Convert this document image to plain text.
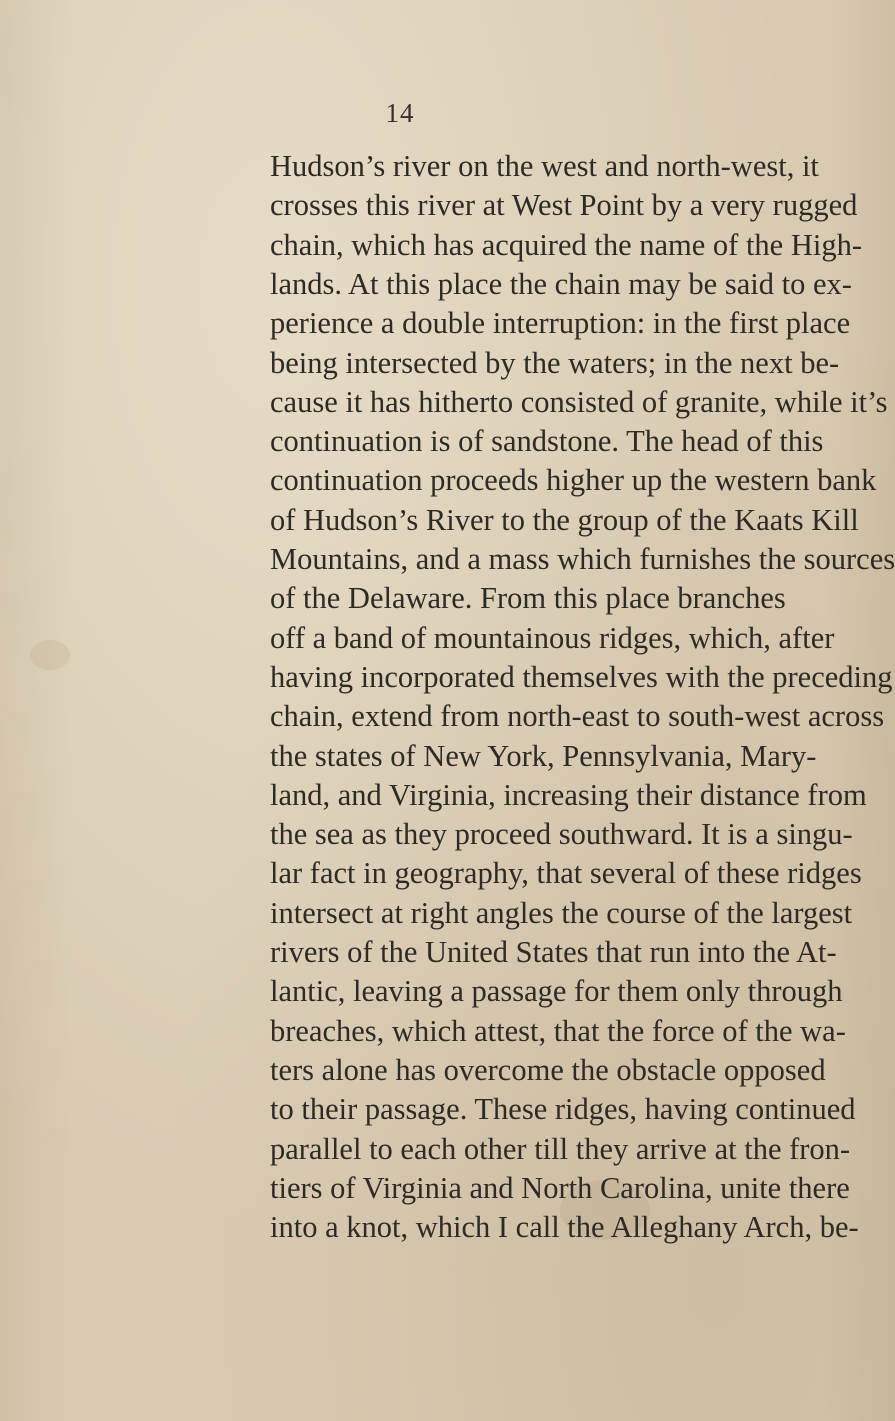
14
Hudson’s river on the west and north-west, it
crosses this river at West Point by a very rugged
chain, which has acquired the name of the High-
lands. At this place the chain may be said to ex-
perience a double interruption: in the first place
being intersected by the waters; in the next be-
cause it has hitherto consisted of granite, while it’s
continuation is of sandstone. The head of this
continuation proceeds higher up the western bank
of Hudson’s River to the group of the Kaats Kill
Mountains, and a mass which furnishes the sources
of the Delaware. From this place branches
off a band of mountainous ridges, which, after
having incorporated themselves with the preceding
chain, extend from north-east to south-west across
the states of New York, Pennsylvania, Mary-
land, and Virginia, increasing their distance from
the sea as they proceed southward. It is a singu-
lar fact in geography, that several of these ridges
intersect at right angles the course of the largest
rivers of the United States that run into the At-
lantic, leaving a passage for them only through
breaches, which attest, that the force of the wa-
ters alone has overcome the obstacle opposed
to their passage. These ridges, having continued
parallel to each other till they arrive at the fron-
tiers of Virginia and North Carolina, unite there
into a knot, which I call the Alleghany Arch, be-
